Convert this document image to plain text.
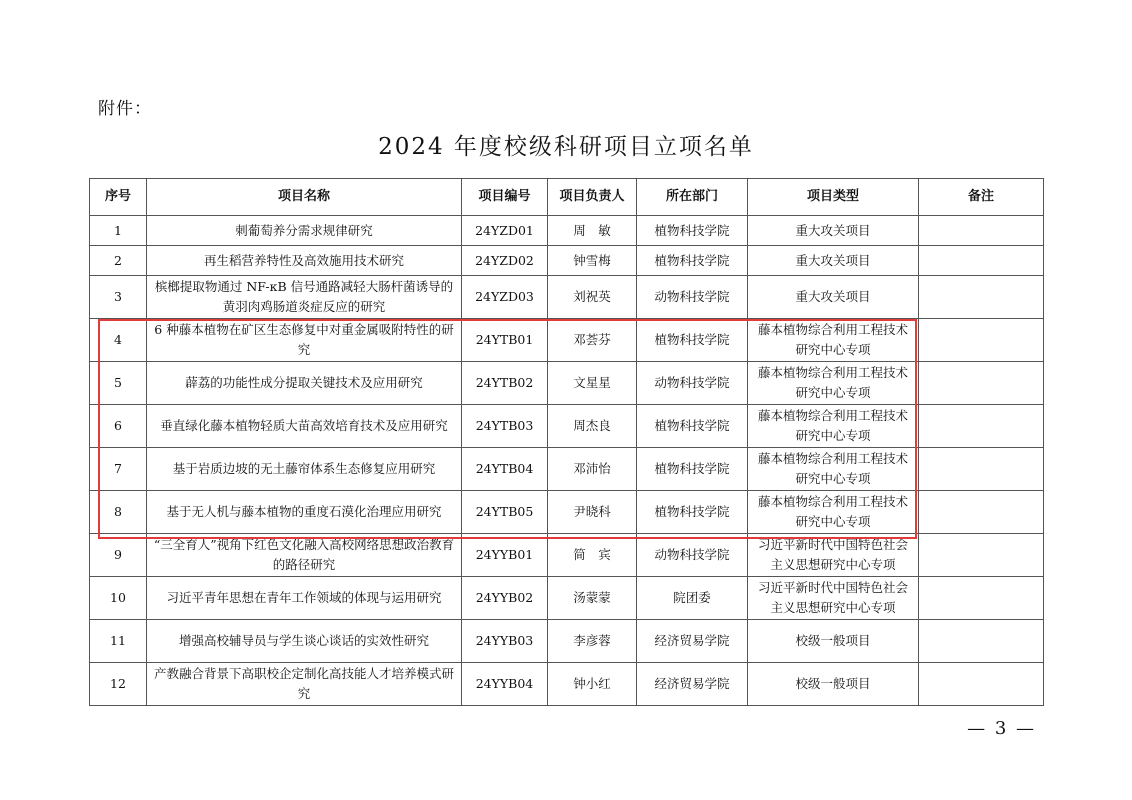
附件：
2024 年度校级科研项目立项名单
序号	项目名称	项目编号	项目负责人	所在部门	项目类型	备注
1	刺葡萄养分需求规律研究	24YZD01	周　敏	植物科技学院	重大攻关项目	
2	再生稻营养特性及高效施用技术研究	24YZD02	钟雪梅	植物科技学院	重大攻关项目	
3	槟榔提取物通过 NF-κB 信号通路减轻大肠杆菌诱导的黄羽肉鸡肠道炎症反应的研究	24YZD03	刘祝英	动物科技学院	重大攻关项目	
4	6 种藤本植物在矿区生态修复中对重金属吸附特性的研究	24YTB01	邓荟芬	植物科技学院	藤本植物综合利用工程技术研究中心专项	
5	薜荔的功能性成分提取关键技术及应用研究	24YTB02	文星星	动物科技学院	藤本植物综合利用工程技术研究中心专项	
6	垂直绿化藤本植物轻质大苗高效培育技术及应用研究	24YTB03	周杰良	植物科技学院	藤本植物综合利用工程技术研究中心专项	
7	基于岩质边坡的无土藤帘体系生态修复应用研究	24YTB04	邓沛怡	植物科技学院	藤本植物综合利用工程技术研究中心专项	
8	基于无人机与藤本植物的重度石漠化治理应用研究	24YTB05	尹晓科	植物科技学院	藤本植物综合利用工程技术研究中心专项	
9	“三全育人”视角下红色文化融入高校网络思想政治教育的路径研究	24YYB01	简　宾	动物科技学院	习近平新时代中国特色社会主义思想研究中心专项	
10	习近平青年思想在青年工作领域的体现与运用研究	24YYB02	汤蒙蒙	院团委	习近平新时代中国特色社会主义思想研究中心专项	
11	增强高校辅导员与学生谈心谈话的实效性研究	24YYB03	李彦蓉	经济贸易学院	校级一般项目	
12	产教融合背景下高职校企定制化高技能人才培养模式研究	24YYB04	钟小红	经济贸易学院	校级一般项目	
— 3 —
